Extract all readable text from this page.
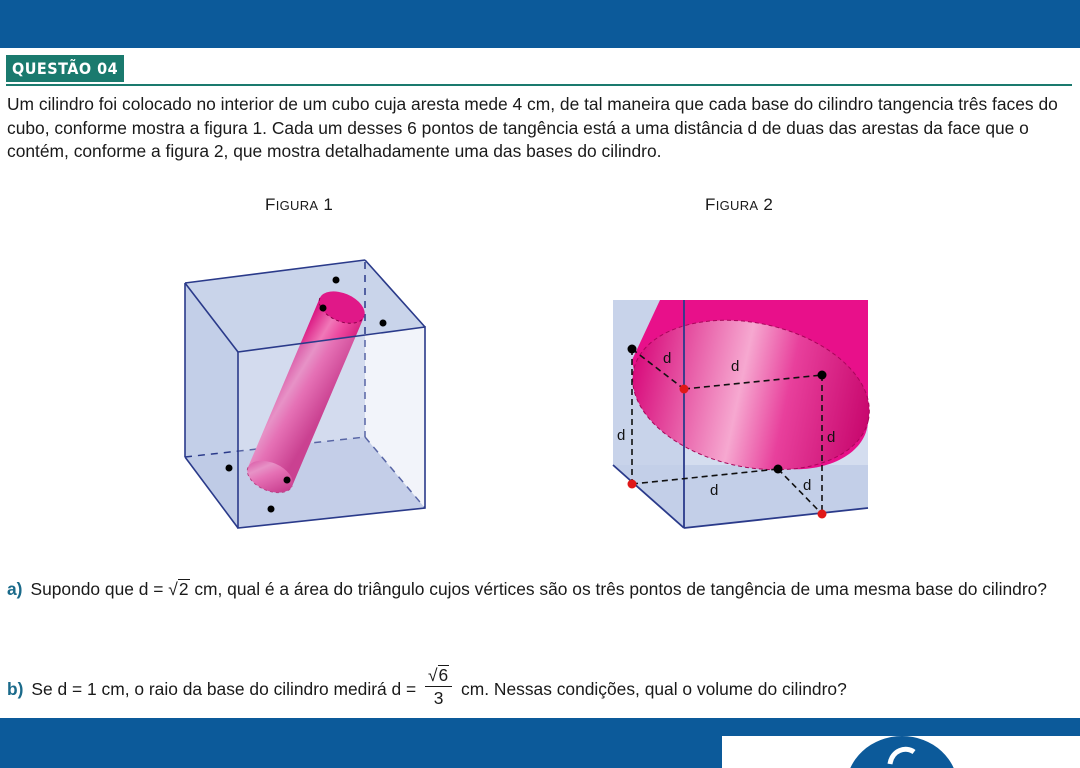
QUESTÃO 04

Um cilindro foi colocado no interior de um cubo cuja aresta mede 4 cm, de tal maneira que cada base do cilindro tangencia três faces do cubo, conforme mostra a figura 1. Cada um desses 6 pontos de tangência está a uma distância d de duas das arestas da face que o contém, conforme a figura 2, que mostra detalhadamente uma das bases do cilindro.

FIGURA 1	FIGURA 2
d	d
d	d
d	d

a) Supondo que d = √2 cm, qual é a área do triângulo cujos vértices são os três pontos de tangência de uma mesma base do cilindro?

b) Se d = 1 cm, o raio da base do cilindro medirá $d = \frac{√6}{3}$ cm. Nessas condições, qual o volume do cilindro?
